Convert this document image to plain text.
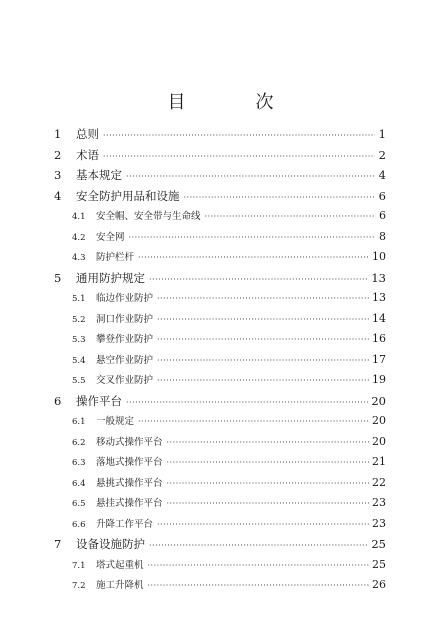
目　次
1	总则 ·····	1
2	术语 ·····	2
3	基本规定 ·····	4
4	安全防护用品和设施 ·····	6
4.1	安全帽、安全带与生命线 ·····	6
4.2	安全网 ·····	8
4.3	防护栏杆 ·····	10
5	通用防护规定 ·····	13
5.1	临边作业防护 ·····	13
5.2	洞口作业防护 ·····	14
5.3	攀登作业防护 ·····	16
5.4	悬空作业防护 ·····	17
5.5	交叉作业防护 ·····	19
6	操作平台 ·····	20
6.1	一般规定 ·····	20
6.2	移动式操作平台 ·····	20
6.3	落地式操作平台 ·····	21
6.4	悬挑式操作平台 ·····	22
6.5	悬挂式操作平台 ·····	23
6.6	升降工作平台 ·····	23
7	设备设施防护 ·····	25
7.1	塔式起重机 ·····	25
7.2	施工升降机 ·····	26
